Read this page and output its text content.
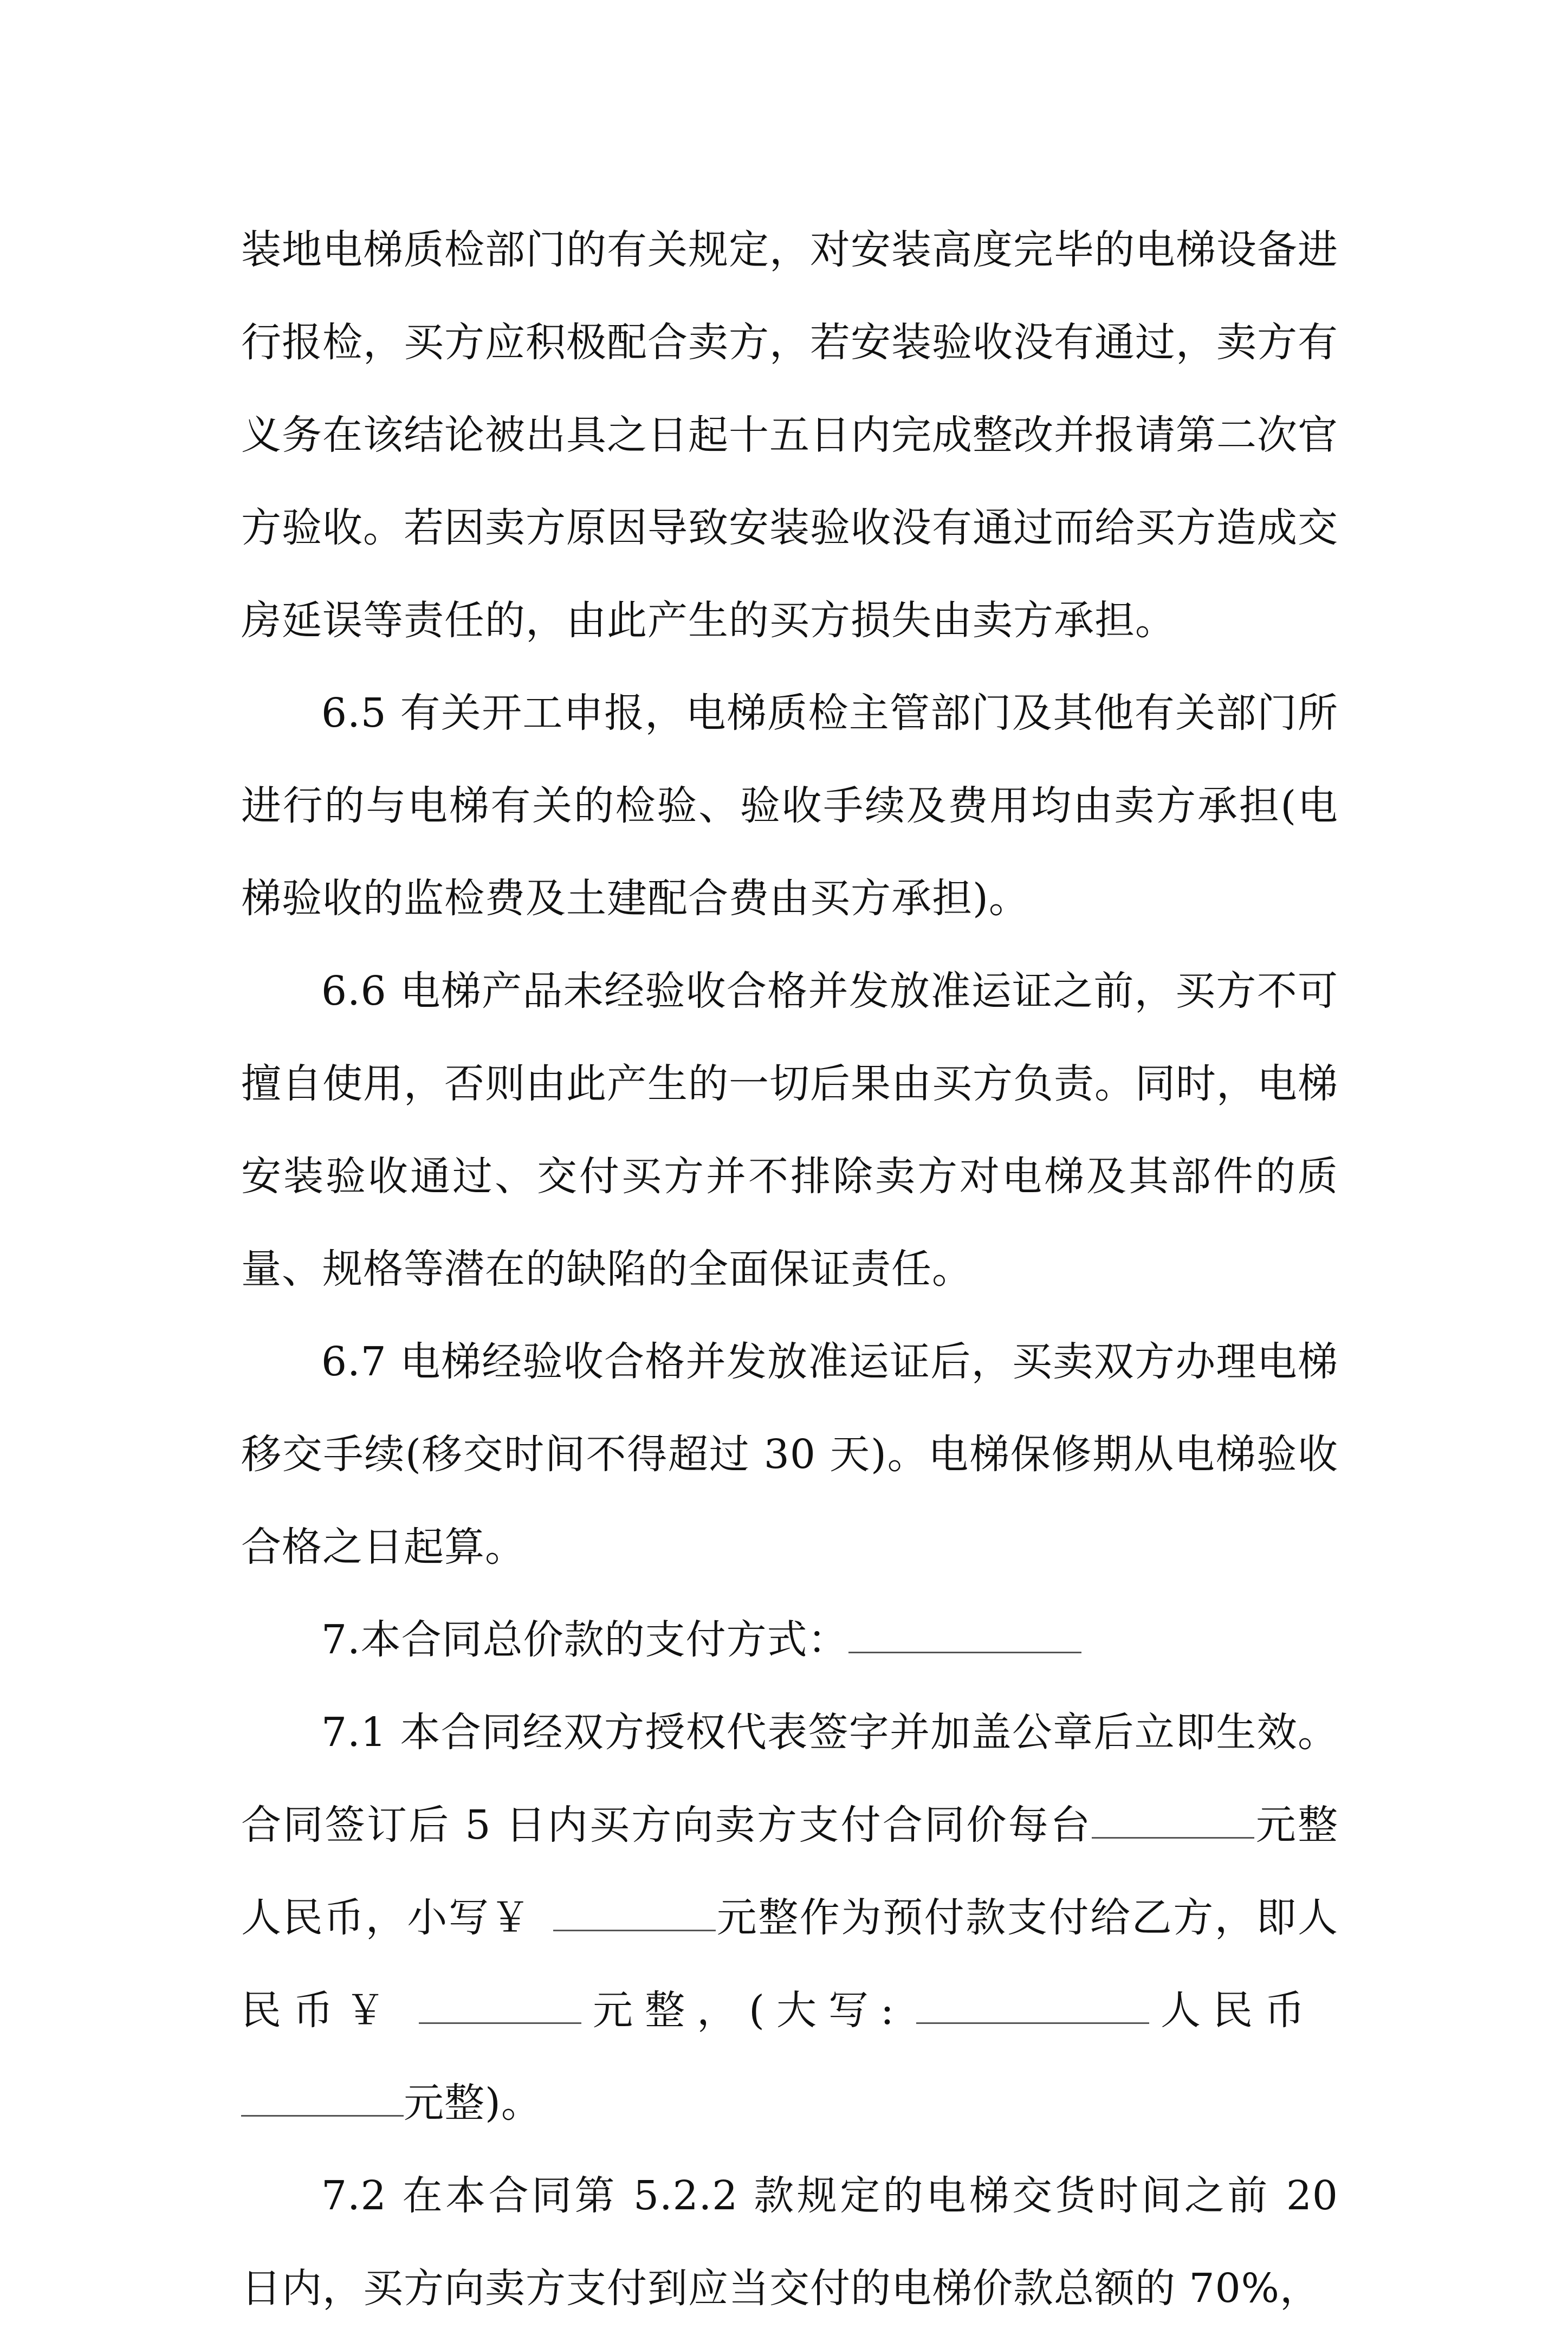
装地电梯质检部门的有关规定，对安装高度完毕的电梯设备进行报检，买方应积极配合卖方，若安装验收没有通过，卖方有义务在该结论被出具之日起十五日内完成整改并报请第二次官方验收。若因卖方原因导致安装验收没有通过而给买方造成交房延误等责任的，由此产生的买方损失由卖方承担。

6.5 有关开工申报，电梯质检主管部门及其他有关部门所进行的与电梯有关的检验、验收手续及费用均由卖方承担(电梯验收的监检费及土建配合费由买方承担)。

6.6 电梯产品未经验收合格并发放准运证之前，买方不可擅自使用，否则由此产生的一切后果由买方负责。同时，电梯安装验收通过、交付买方并不排除卖方对电梯及其部件的质量、规格等潜在的缺陷的全面保证责任。

6.7 电梯经验收合格并发放准运证后，买卖双方办理电梯移交手续(移交时间不得超过 30 天)。电梯保修期从电梯验收合格之日起算。

7.本合同总价款的支付方式：

7.1 本合同经双方授权代表签字并加盖公章后立即生效。合同签订后 5 日内买方向卖方支付合同价每台	元整人民币，小写￥	元整作为预付款支付给乙方，即人民币￥	元整，(大写:	人民币元整)。

7.2 在本合同第 5.2.2 款规定的电梯交货时间之前 20 日内，买方向卖方支付到应当交付的电梯价款总额的 70%，
